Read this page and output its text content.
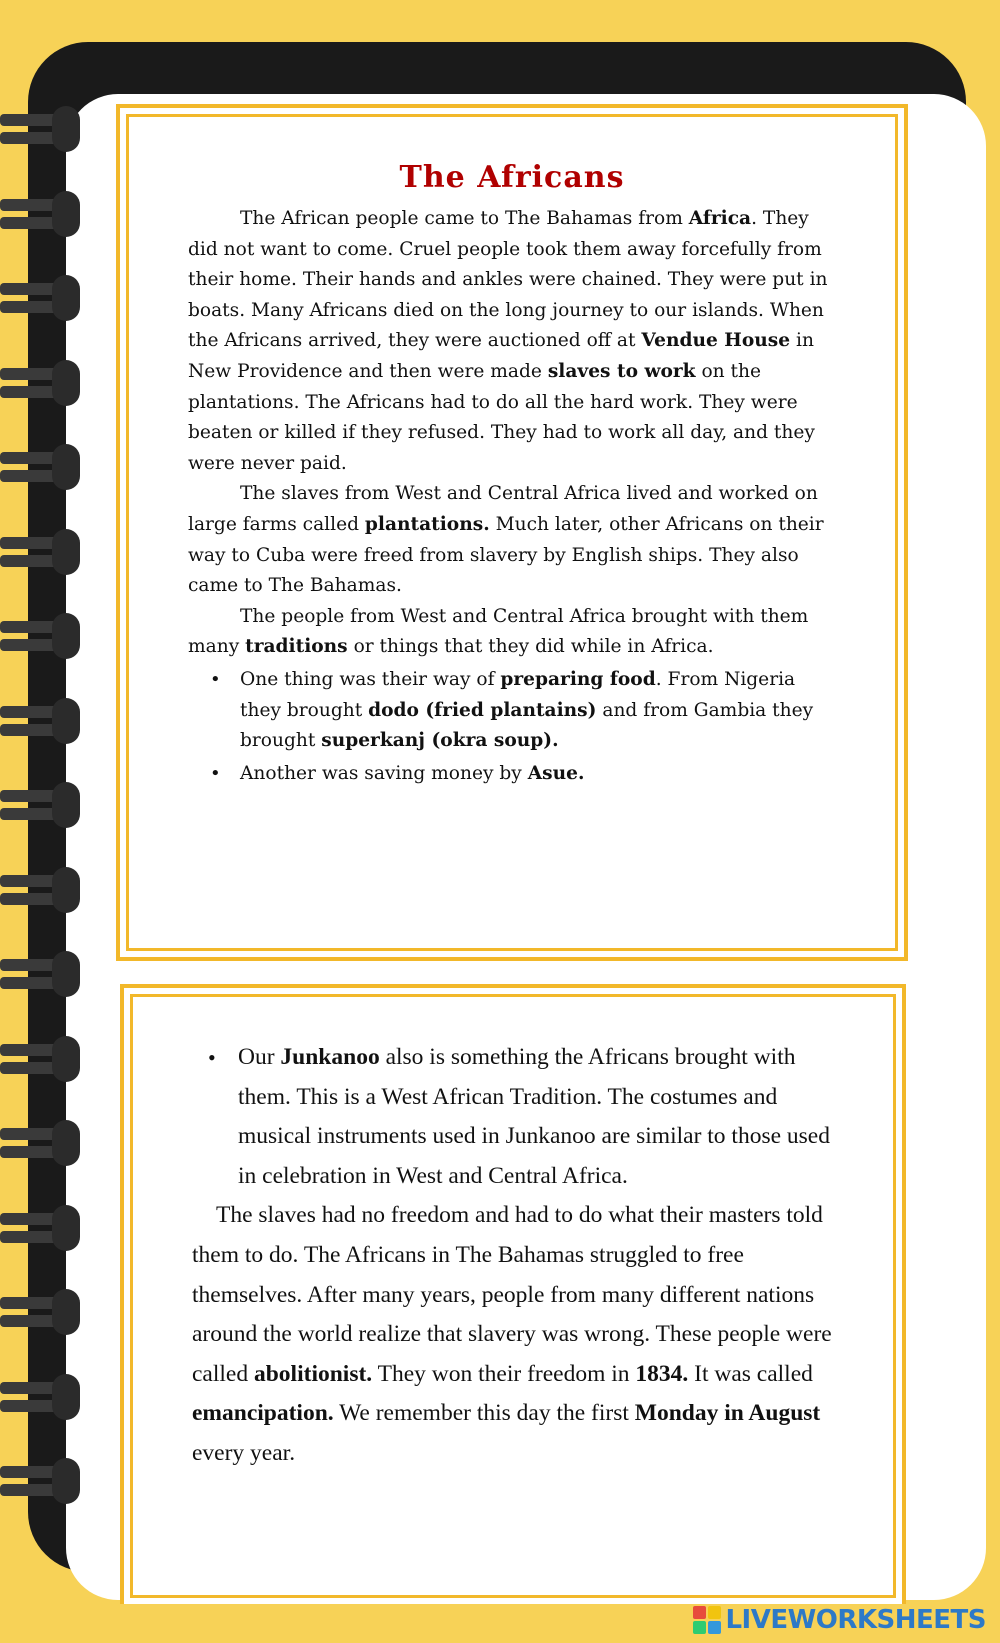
The Africans

The African people came to The Bahamas from Africa. They did not want to come. Cruel people took them away forcefully from their home. Their hands and ankles were chained. They were put in boats. Many Africans died on the long journey to our islands. When the Africans arrived, they were auctioned off at Vendue House in New Providence and then were made slaves to work on the plantations. The Africans had to do all the hard work. They were beaten or killed if they refused. They had to work all day, and they were never paid.

The slaves from West and Central Africa lived and worked on large farms called plantations. Much later, other Africans on their way to Cuba were freed from slavery by English ships. They also came to The Bahamas.

The people from West and Central Africa brought with them many traditions or things that they did while in Africa.

• One thing was their way of preparing food. From Nigeria they brought dodo (fried plantains) and from Gambia they brought superkanj (okra soup).
• Another was saving money by Asue.
• Our Junkanoo also is something the Africans brought with them. This is a West African Tradition. The costumes and musical instruments used in Junkanoo are similar to those used in celebration in West and Central Africa.

The slaves had no freedom and had to do what their masters told them to do. The Africans in The Bahamas struggled to free themselves. After many years, people from many different nations around the world realize that slavery was wrong. These people were called abolitionist. They won their freedom in 1834. It was called emancipation. We remember this day the first Monday in August every year.

LIVEWORKSHEETS
